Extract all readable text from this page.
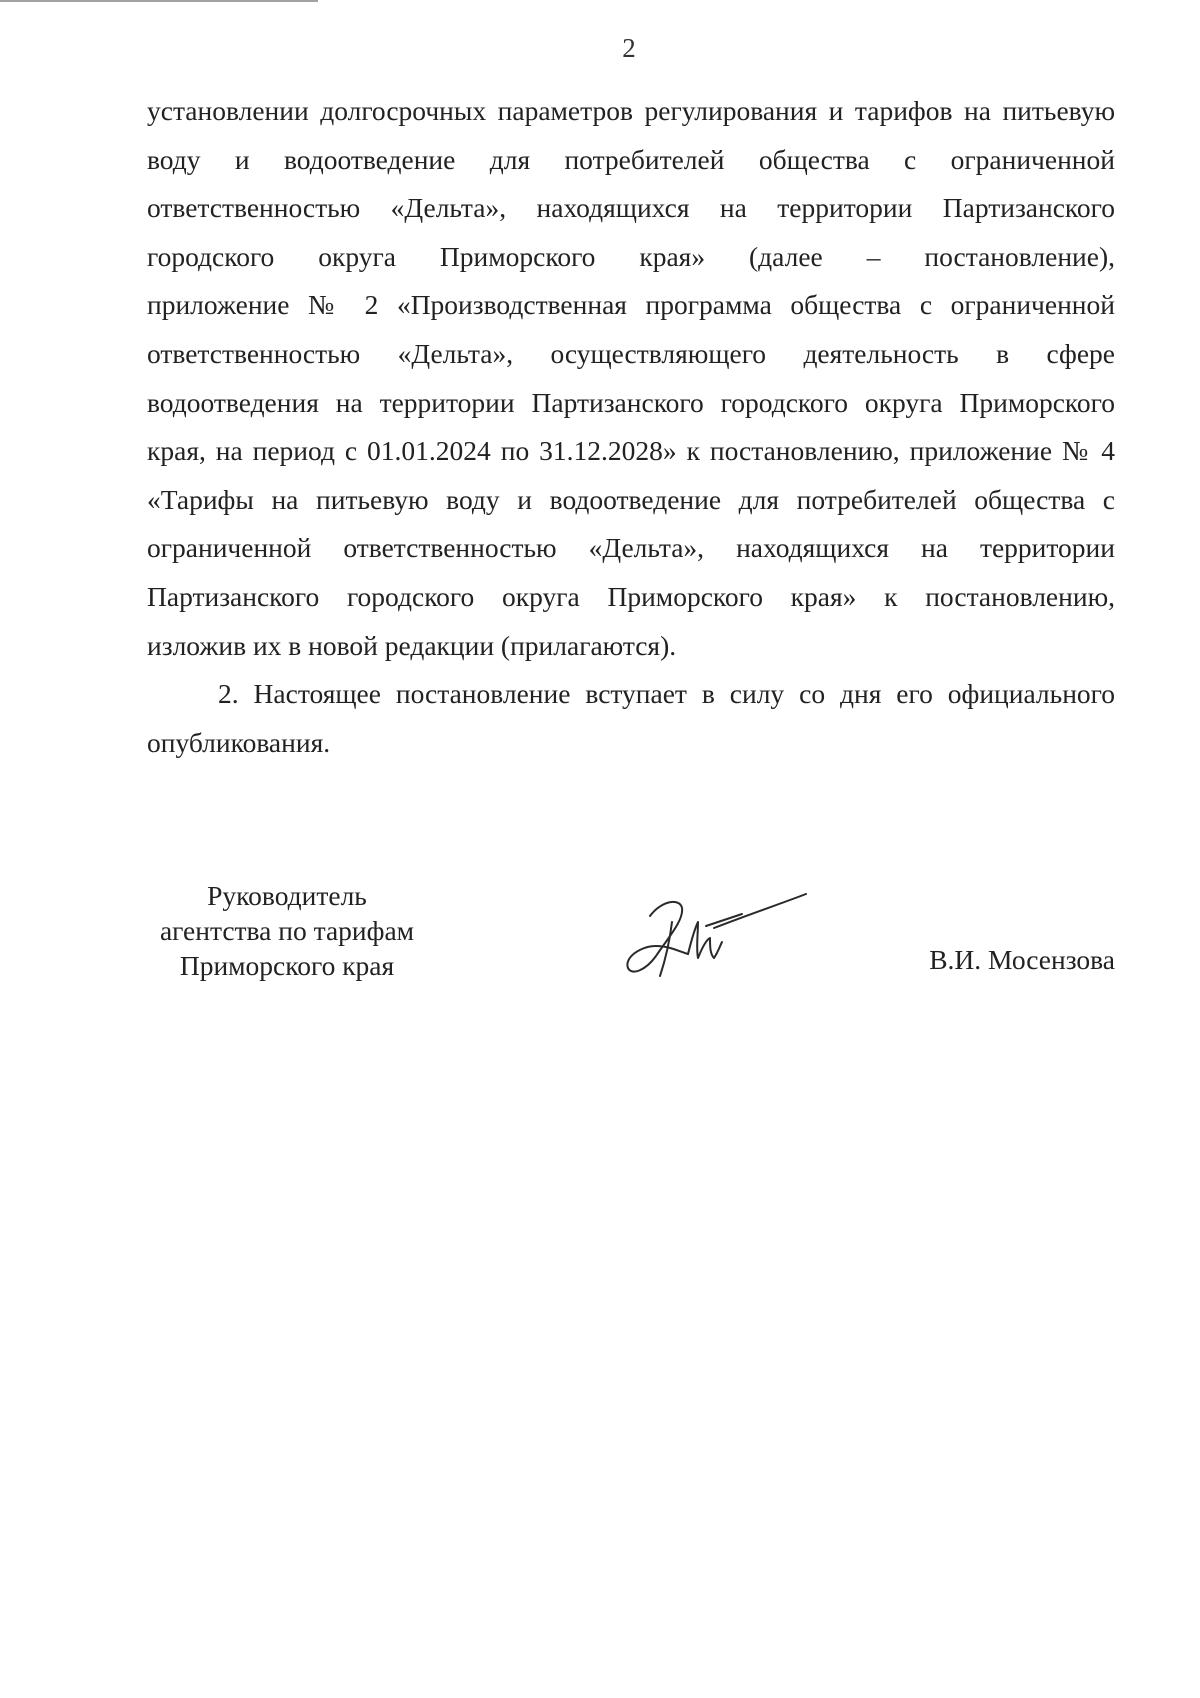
2

установлении долгосрочных параметров регулирования и тарифов на питьевую
воду и водоотведение для потребителей общества с ограниченной
ответственностью «Дельта», находящихся на территории Партизанского
городского округа Приморского края» (далее – постановление),
приложение № 2 «Производственная программа общества с ограниченной
ответственностью «Дельта», осуществляющего деятельность в сфере
водоотведения на территории Партизанского городского округа Приморского
края, на период с 01.01.2024 по 31.12.2028» к постановлению, приложение № 4
«Тарифы на питьевую воду и водоотведение для потребителей общества с
ограниченной ответственностью «Дельта», находящихся на территории
Партизанского городского округа Приморского края» к постановлению,
изложив их в новой редакции (прилагаются).

2. Настоящее постановление вступает в силу со дня его официального
опубликования.

Руководитель
агентства по тарифам
Приморского края	В.И. Мосензова
